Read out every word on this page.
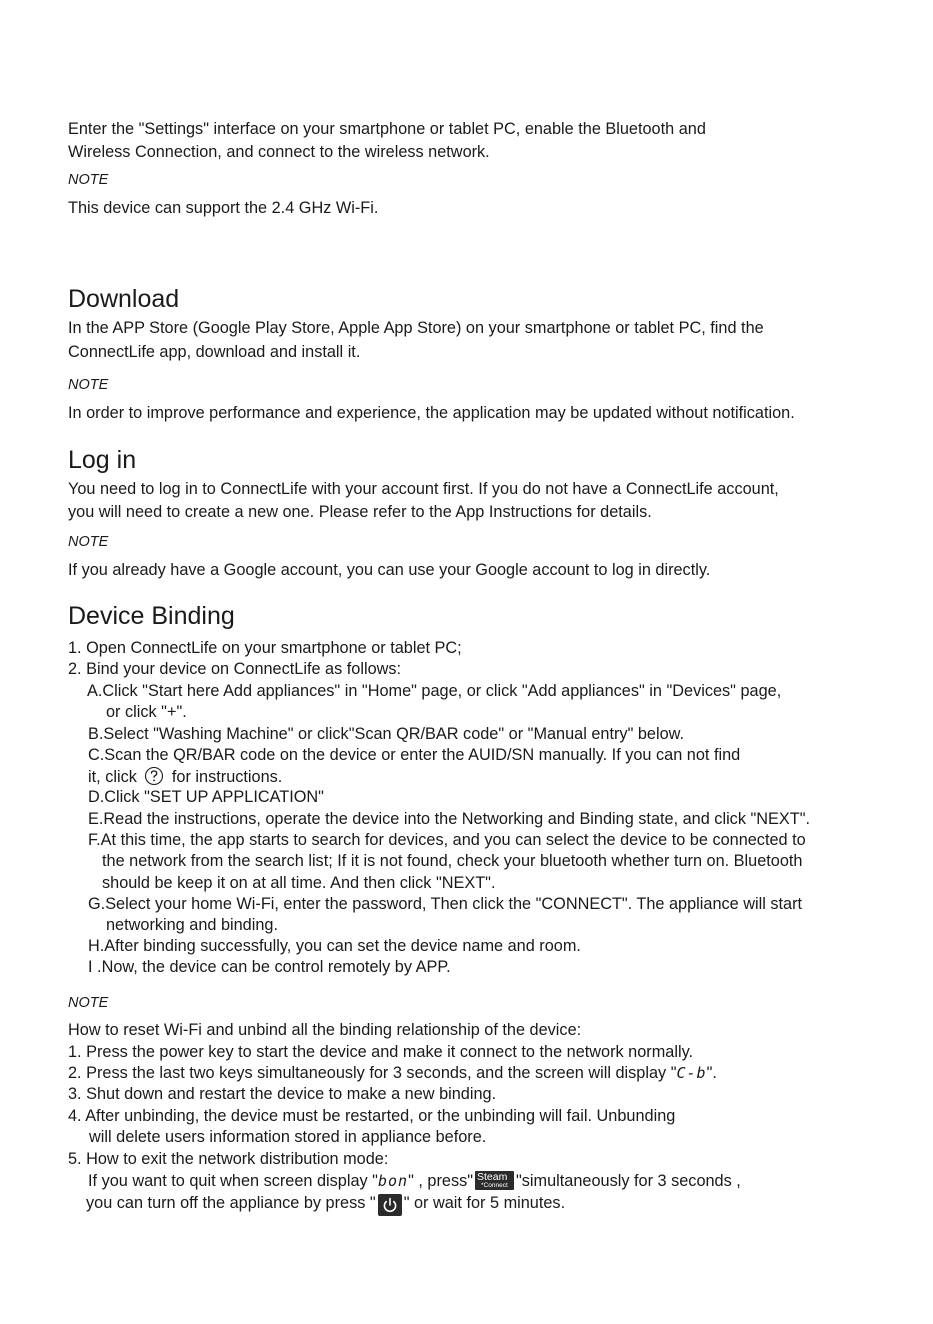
Enter the "Settings" interface on your smartphone or tablet PC, enable the Bluetooth and
Wireless Connection, and connect to the wireless network.
NOTE
This device can support the 2.4 GHz Wi-Fi.
Download
In the APP Store (Google Play Store, Apple App Store) on your smartphone or tablet PC, find the
ConnectLife app, download and install it.
NOTE
In order to improve performance and experience, the application may be updated without notification.
Log in
You need to log in to ConnectLife with your account first. If you do not have a ConnectLife account,
you will need to create a new one. Please refer to the App Instructions for details.
NOTE
If you already have a Google account, you can use your Google account to log in directly.
Device Binding
1. Open ConnectLife on your smartphone or tablet PC;
2. Bind your device on ConnectLife as follows:
A.Click "Start here Add appliances" in "Home" page, or click "Add appliances" in "Devices" page,
or click "+".
B.Select "Washing Machine" or click"Scan QR/BAR code" or "Manual entry" below.
C.Scan the QR/BAR code on the device or enter the AUID/SN manually. If you can not find
it, click for instructions.
D.Click "SET UP APPLICATION"
E.Read the instructions, operate the device into the Networking and Binding state, and click "NEXT".
F.At this time, the app starts to search for devices, and you can select the device to be connected to
the network from the search list; If it is not found, check your bluetooth whether turn on. Bluetooth
should be keep it on at all time. And then click "NEXT".
G.Select your home Wi-Fi, enter the password, Then click the "CONNECT". The appliance will start
networking and binding.
H.After binding successfully, you can set the device name and room.
I .Now, the device can be control remotely by APP.
NOTE
How to reset Wi-Fi and unbind all the binding relationship of the device:
1. Press the power key to start the device and make it connect to the network normally.
2. Press the last two keys simultaneously for 3 seconds, and the screen will display "C-b".
3. Shut down and restart the device to make a new binding.
4. After unbinding, the device must be restarted, or the unbinding will fail. Unbunding
will delete users information stored in appliance before.
5. How to exit the network distribution mode:
If you want to quit when screen display "bon" , press" Steam
*Connect "simultaneously for 3 seconds ,
you can turn off the appliance by press " " or wait for 5 minutes.
